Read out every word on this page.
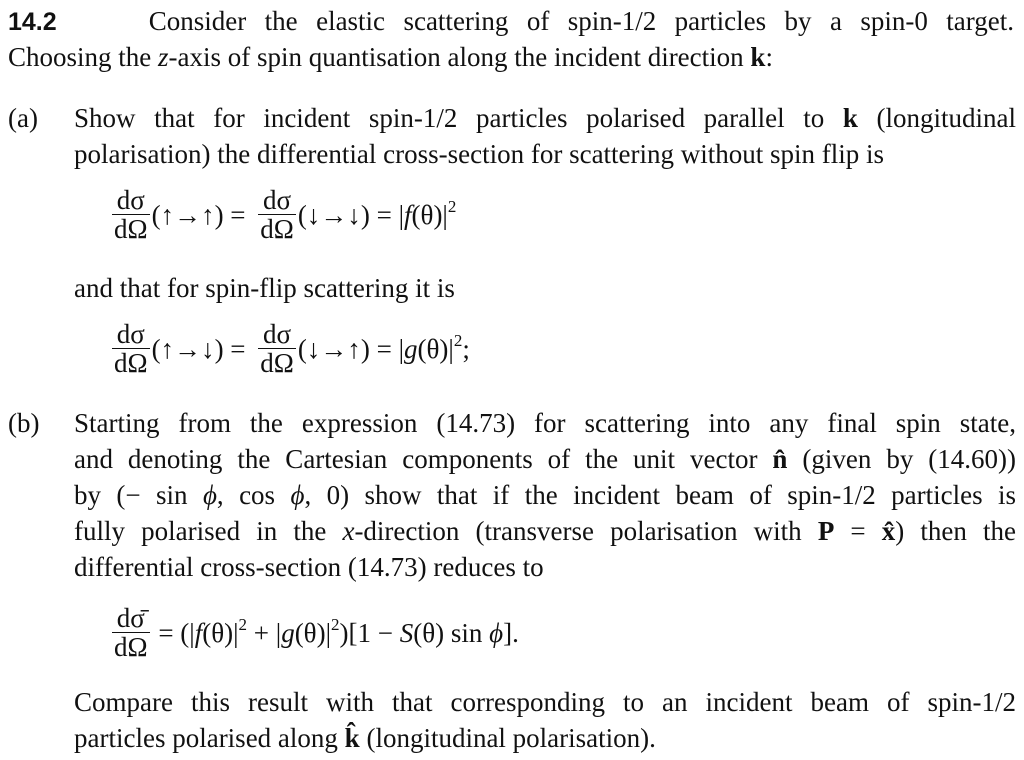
14.2	Consider the elastic scattering of spin-1/2 particles by a spin-0 target.
Choosing the z-axis of spin quantisation along the incident direction k:
(a) Show that for incident spin-1/2 particles polarised parallel to k (longitudinal
polarisation) the differential cross-section for scattering without spin flip is
$\frac{d\sigma}{d\Omega}$ (↑→↑) = $\frac{d\sigma}{d\Omega}$ (↓→↓) = $|f(\theta)|^2$
and that for spin-flip scattering it is
$\frac{d\sigma}{d\Omega}$ (↑→↓) = $\frac{d\sigma}{d\Omega}$ (↓→↑) = $|g(\theta)|^2$;
(b) Starting from the expression (14.73) for scattering into any final spin state,
and denoting the Cartesian components of the unit vector n̂ (given by (14.60))
by (− sin ϕ, cos ϕ, 0) show that if the incident beam of spin-1/2 particles is
fully polarised in the x-direction (transverse polarisation with P = x̂) then the
differential cross-section (14.73) reduces to
$\frac{d\sigmā}{d\Omega} = (|f(\theta)|^2 + |g(\theta)|^2)[1 - S(\theta)$ sin ϕ].
Compare this result with that corresponding to an incident beam of spin-1/2
particles polarised along k̂ (longitudinal polarisation).
